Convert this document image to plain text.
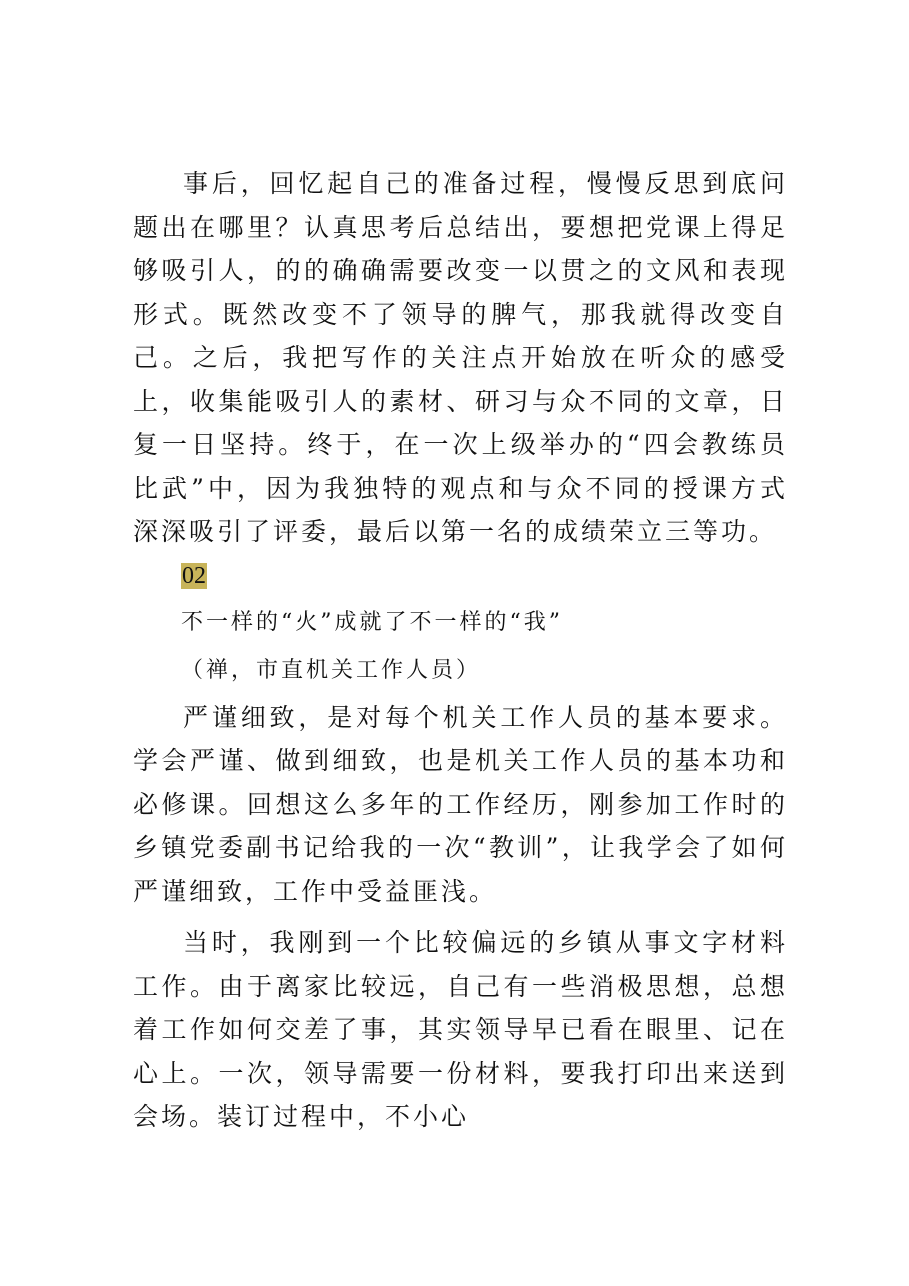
事后，回忆起自己的准备过程，慢慢反思到底问题出在哪里？认真思考后总结出，要想把党课上得足够吸引人，的的确确需要改变一以贯之的文风和表现形式。既然改变不了领导的脾气，那我就得改变自己。之后，我把写作的关注点开始放在听众的感受上，收集能吸引人的素材、研习与众不同的文章，日复一日坚持。终于，在一次上级举办的“四会教练员比武”中，因为我独特的观点和与众不同的授课方式深深吸引了评委，最后以第一名的成绩荣立三等功。

02

不一样的“火”成就了不一样的“我”

（禅，市直机关工作人员）

严谨细致，是对每个机关工作人员的基本要求。学会严谨、做到细致，也是机关工作人员的基本功和必修课。回想这么多年的工作经历，刚参加工作时的乡镇党委副书记给我的一次“教训”，让我学会了如何严谨细致，工作中受益匪浅。

当时，我刚到一个比较偏远的乡镇从事文字材料工作。由于离家比较远，自己有一些消极思想，总想着工作如何交差了事，其实领导早已看在眼里、记在心上。一次，领导需要一份材料，要我打印出来送到会场。装订过程中，不小心
